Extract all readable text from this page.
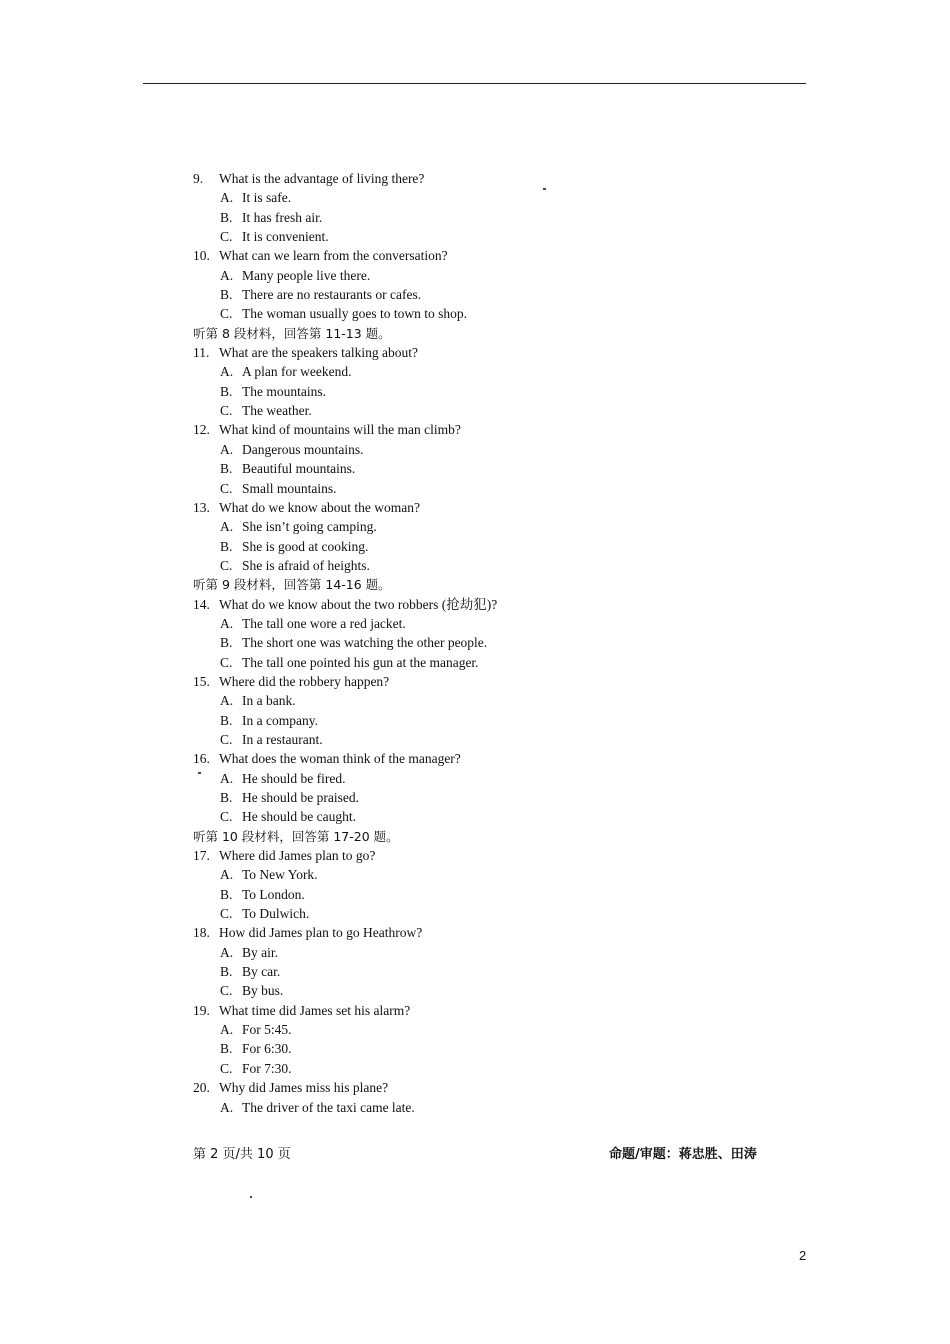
9.	What is the advantage of living there?
A. It is safe.
B. It has fresh air.
C. It is convenient.
10. What can we learn from the conversation?
A. Many people live there.
B. There are no restaurants or cafes.
C. The woman usually goes to town to shop.
听第 8 段材料，回答第 11-13 题。
11. What are the speakers talking about?
A. A plan for weekend.
B. The mountains.
C. The weather.
12. What kind of mountains will the man climb?
A. Dangerous mountains.
B. Beautiful mountains.
C. Small mountains.
13. What do we know about the woman?
A. She isn’t going camping.
B. She is good at cooking.
C. She is afraid of heights.
听第 9 段材料，回答第 14-16 题。
14. What do we know about the two robbers (抢劫犯)?
A. The tall one wore a red jacket.
B. The short one was watching the other people.
C. The tall one pointed his gun at the manager.
15. Where did the robbery happen?
A. In a bank.
B. In a company.
C. In a restaurant.
16. What does the woman think of the manager?
A. He should be fired.
B. He should be praised.
C. He should be caught.
听第 10 段材料，回答第 17-20 题。
17. Where did James plan to go?
A. To New York.
B. To London.
C. To Dulwich.
18. How did James plan to go Heathrow?
A. By air.
B. By car.
C. By bus.
19. What time did James set his alarm?
A. For 5:45.
B. For 6:30.
C. For 7:30.
20. Why did James miss his plane?
A. The driver of the taxi came late.
第 2 页/共 10 页	命题/审题：蒋忠胜、田涛
2
